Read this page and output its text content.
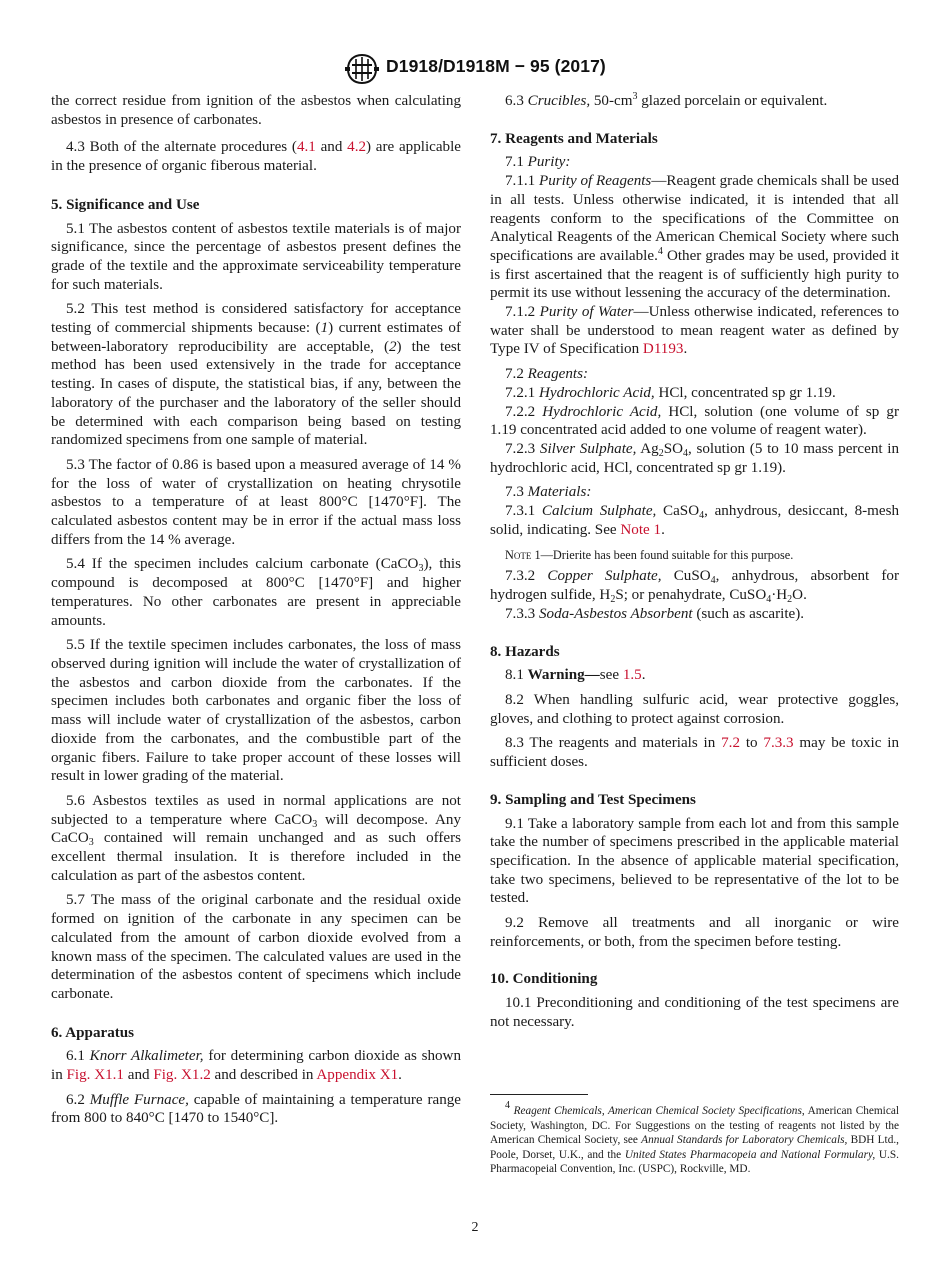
D1918/D1918M − 95 (2017)

the correct residue from ignition of the asbestos when calculating asbestos in presence of carbonates.

4.3 Both of the alternate procedures (4.1 and 4.2) are applicable in the presence of organic fiberous material.

5. Significance and Use

5.1 The asbestos content of asbestos textile materials is of major significance, since the percentage of asbestos present defines the grade of the textile and the approximate serviceability temperature for such materials.

5.2 This test method is considered satisfactory for acceptance testing of commercial shipments because: (1) current estimates of between-laboratory reproducibility are acceptable, (2) the test method has been used extensively in the trade for acceptance testing. In cases of dispute, the statistical bias, if any, between the laboratory of the purchaser and the laboratory of the seller should be determined with each comparison being based on testing randomized specimens from one sample of material.

5.3 The factor of 0.86 is based upon a measured average of 14 % for the loss of water of crystallization on heating chrysotile asbestos to a temperature of at least 800°C [1470°F]. The calculated asbestos content may be in error if the actual mass loss differs from the 14 % average.

5.4 If the specimen includes calcium carbonate (CaCO$_3$), this compound is decomposed at 800°C [1470°F] and higher temperatures. No other carbonates are present in appreciable amounts.

5.5 If the textile specimen includes carbonates, the loss of mass observed during ignition will include the water of crystallization of the asbestos and carbon dioxide from the carbonates. If the specimen includes both carbonates and organic fiber the loss of mass will include water of crystallization of the asbestos, carbon dioxide from the carbonates, and the combustible part of the organic fibers. Failure to take proper account of these losses will result in lower grading of the material.

5.6 Asbestos textiles as used in normal applications are not subjected to a temperature where CaCO$_3$ will decompose. Any CaCO$_3$ contained will remain unchanged and as such offers excellent thermal insulation. It is therefore included in the calculation as part of the asbestos content.

5.7 The mass of the original carbonate and the residual oxide formed on ignition of the carbonate in any specimen can be calculated from the amount of carbon dioxide evolved from a known mass of the specimen. The calculated values are used in the determination of the asbestos content of specimens which include carbonate.

6. Apparatus

6.1 Knorr Alkalimeter, for determining carbon dioxide as shown in Fig. X1.1 and Fig. X1.2 and described in Appendix X1.

6.2 Muffle Furnace, capable of maintaining a temperature range from 800 to 840°C [1470 to 1540°C].

6.3 Crucibles, $50-cm^3$ glazed porcelain or equivalent.

7. Reagents and Materials

7.1 Purity:

7.1.1 Purity of Reagents—Reagent grade chemicals shall be used in all tests. Unless otherwise indicated, it is intended that all reagents conform to the specifications of the Committee on Analytical Reagents of the American Chemical Society where such specifications are available.$^4$ Other grades may be used, provided it is first ascertained that the reagent is of sufficiently high purity to permit its use without lessening the accuracy of the determination.

7.1.2 Purity of Water—Unless otherwise indicated, references to water shall be understood to mean reagent water as defined by Type IV of Specification D1193.

7.2 Reagents:

7.2.1 Hydrochloric Acid, HCl, concentrated sp gr 1.19.

7.2.2 Hydrochloric Acid, HCl, solution (one volume of sp gr 1.19 concentrated acid added to one volume of reagent water).

7.2.3 Silver Sulphate, $Ag_2SO_4$, solution (5 to 10 mass percent in hydrochloric acid, HCl, concentrated sp gr 1.19).

7.3 Materials:

7.3.1 Calcium Sulphate, CaSO$_4$, anhydrous, desiccant, 8-mesh solid, indicating. See Note 1.

Note 1—Drierite has been found suitable for this purpose.

7.3.2 Copper Sulphate, CuSO$_4$, anhydrous, absorbent for hydrogen sulfide, $H_2S$; or penahydrate, $CuSO_4\cdot H_2O$.

7.3.3 Soda-Asbestos Absorbent (such as ascarite).

8. Hazards

8.1 Warning—see 1.5.

8.2 When handling sulfuric acid, wear protective goggles, gloves, and clothing to protect against corrosion.

8.3 The reagents and materials in 7.2 to 7.3.3 may be toxic in sufficient doses.

9. Sampling and Test Specimens

9.1 Take a laboratory sample from each lot and from this sample take the number of specimens prescribed in the applicable material specification. In the absence of applicable material specification, take two specimens, believed to be representative of the lot to be tested.

9.2 Remove all treatments and all inorganic or wire reinforcements, or both, from the specimen before testing.

10. Conditioning

10.1 Preconditioning and conditioning of the test specimens are not necessary.

$^4$ Reagent Chemicals, American Chemical Society Specifications, American Chemical Society, Washington, DC. For Suggestions on the testing of reagents not listed by the American Chemical Society, see Annual Standards for Laboratory Chemicals, BDH Ltd., Poole, Dorset, U.K., and the United States Pharmacopeia and National Formulary, U.S. Pharmacopeial Convention, Inc. (USPC), Rockville, MD.

2
